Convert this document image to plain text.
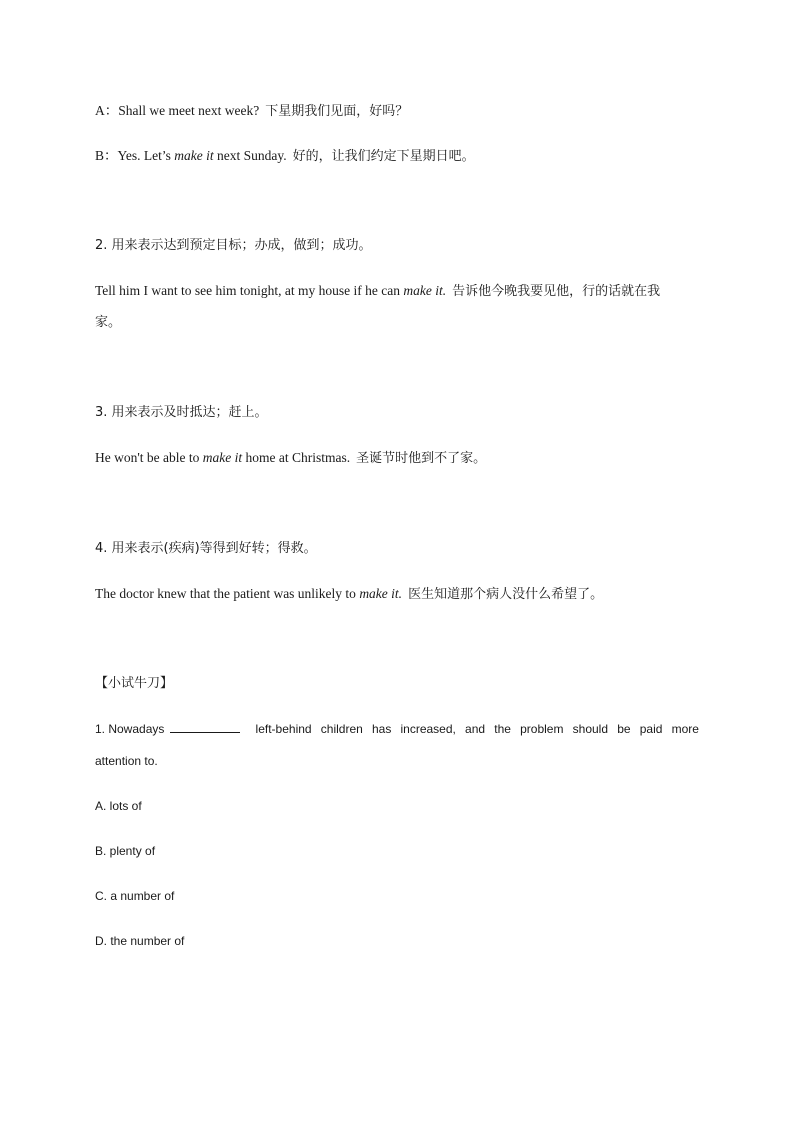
A：Shall we meet next week? 下星期我们见面，好吗？
B：Yes. Let’s make it next Sunday. 好的，让我们约定下星期日吧。
2. 用来表示达到预定目标；办成，做到；成功。
Tell him I want to see him tonight, at my house if he can make it. 告诉他今晚我要见他，行的话就在我
家。
3. 用来表示及时抵达；赶上。
He won't be able to make it home at Christmas. 圣诞节时他到不了家。
4. 用来表示(疾病)等得到好转；得救。
The doctor knew that the patient was unlikely to make it. 医生知道那个病人没什么希望了。
【小试牛刀】
1. Nowadays	left-behind children has increased, and the problem should be paid more
attention to.
A. lots of
B. plenty of
C. a number of
D. the number of
